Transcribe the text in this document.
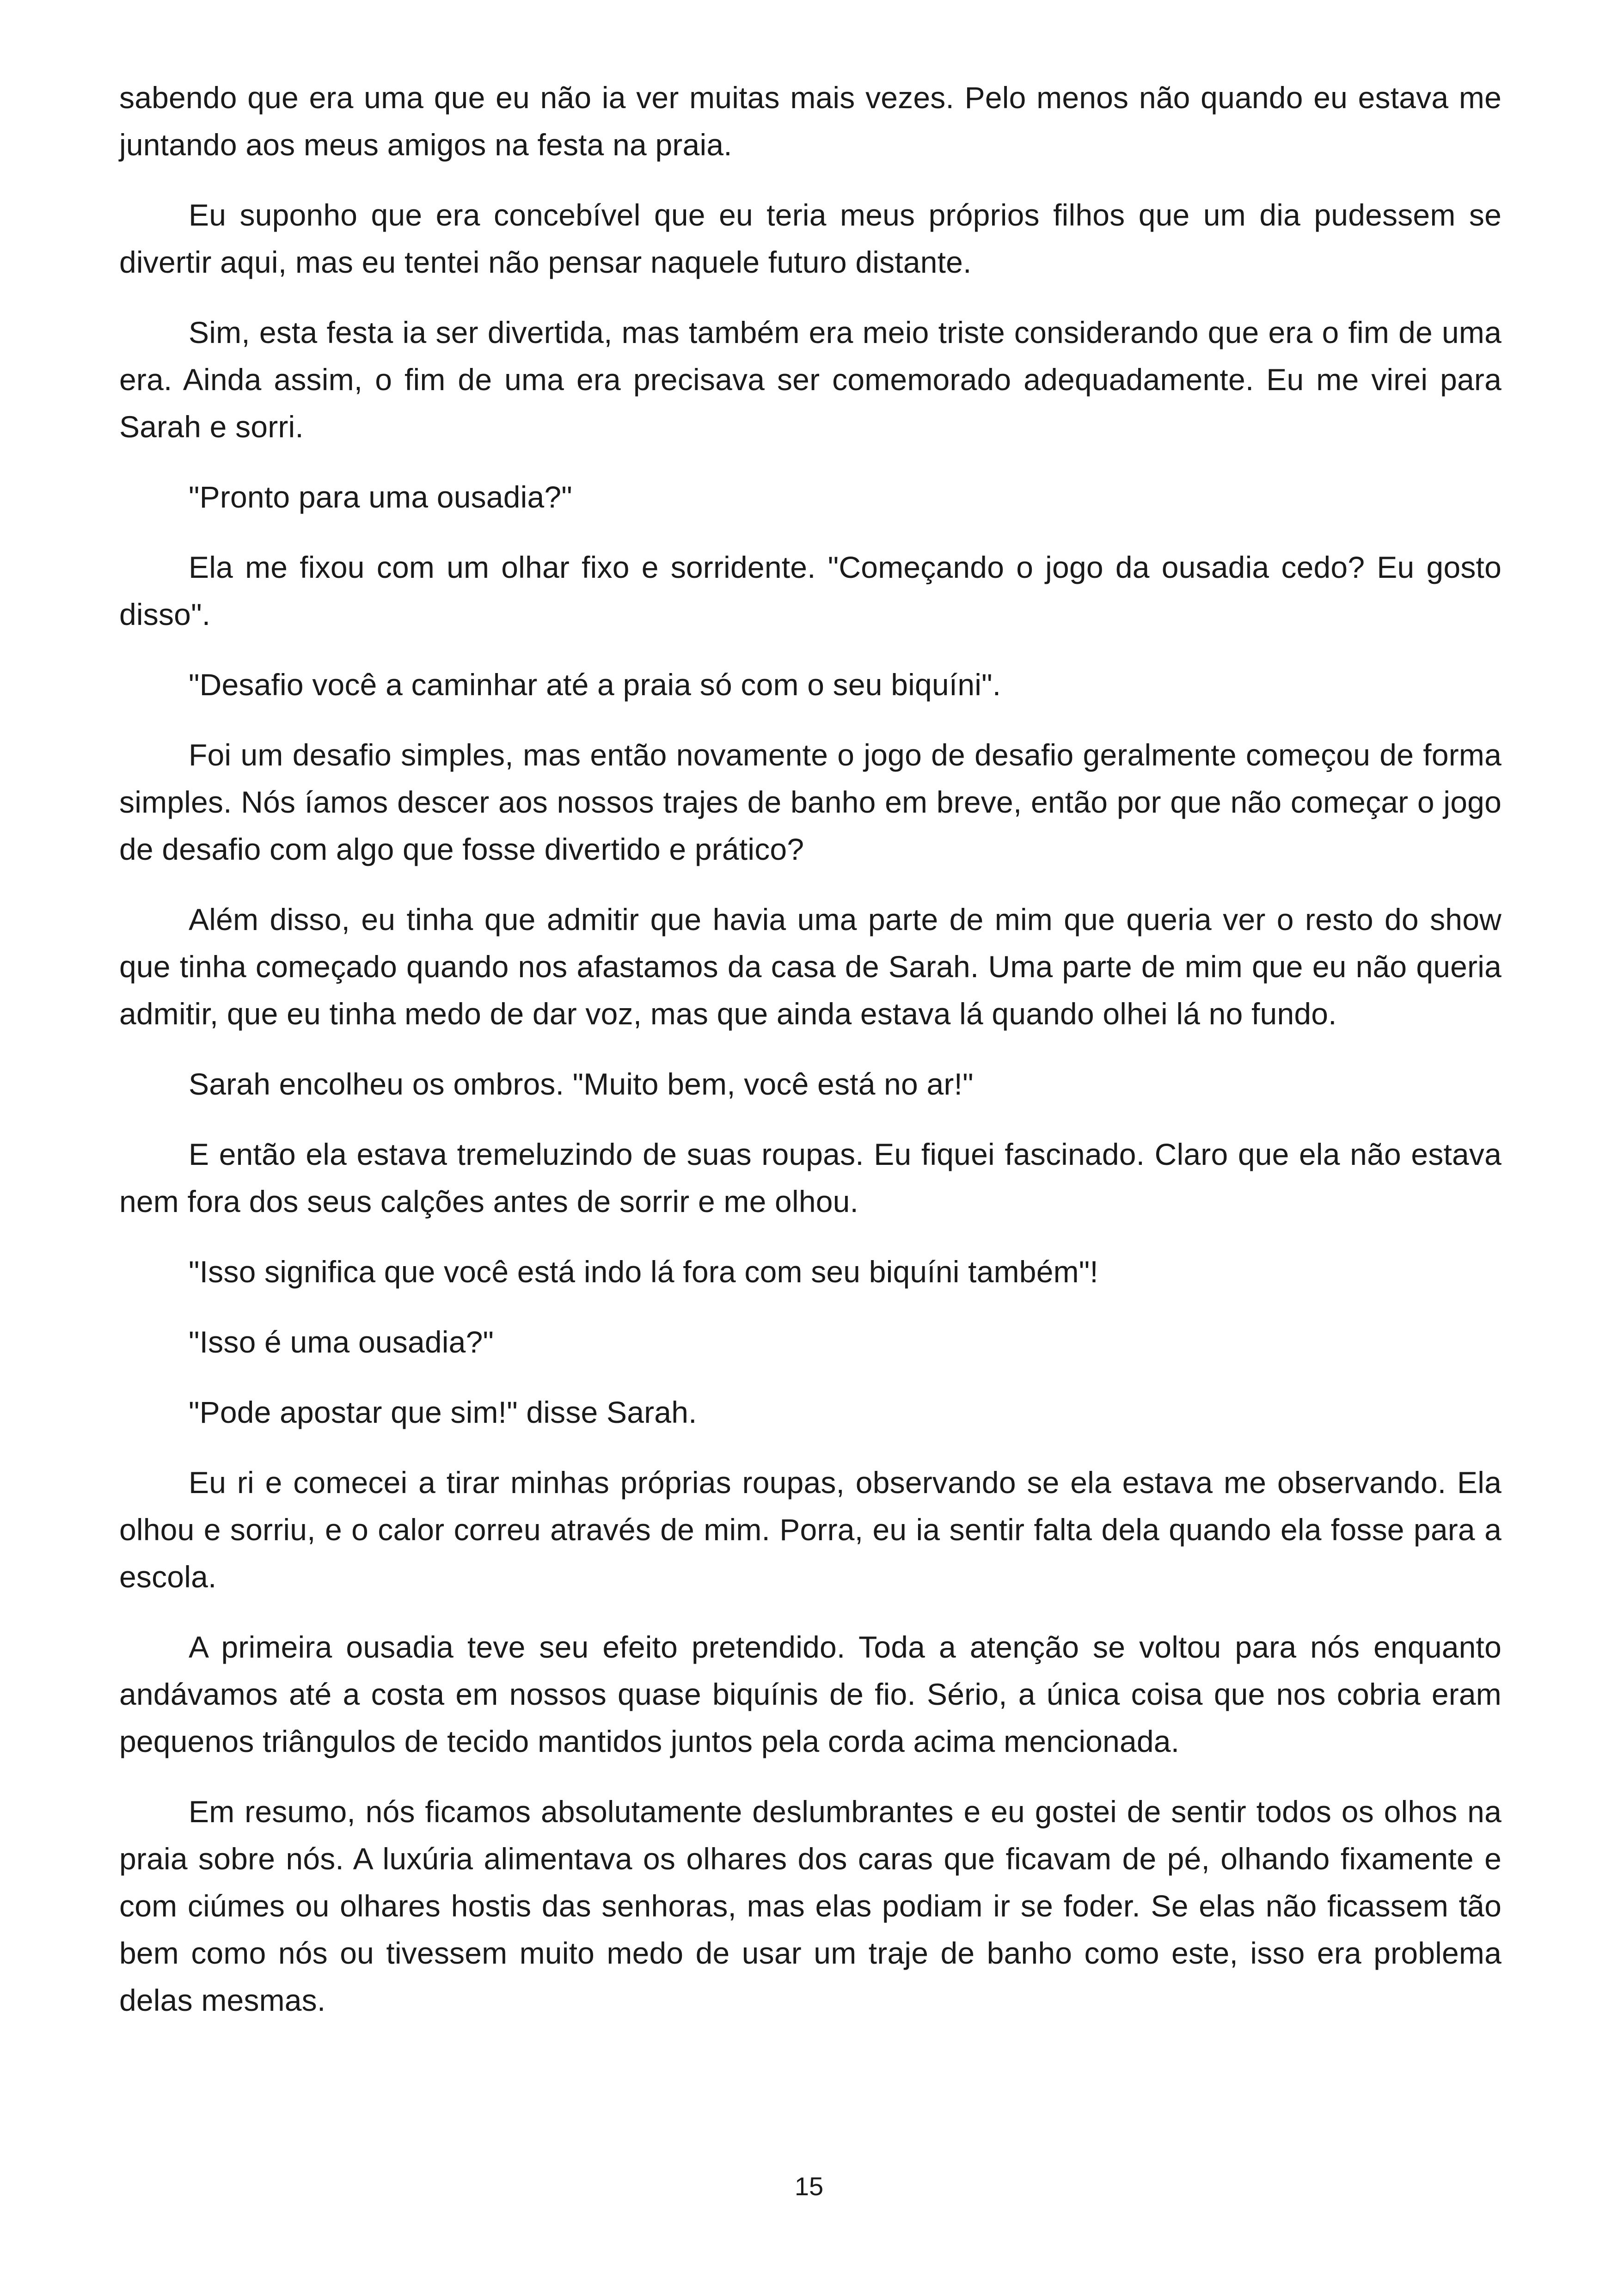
sabendo que era uma que eu não ia ver muitas mais vezes. Pelo menos não quando eu estava me juntando aos meus amigos na festa na praia.

Eu suponho que era concebível que eu teria meus próprios filhos que um dia pudessem se divertir aqui, mas eu tentei não pensar naquele futuro distante.

Sim, esta festa ia ser divertida, mas também era meio triste considerando que era o fim de uma era. Ainda assim, o fim de uma era precisava ser comemorado adequadamente. Eu me virei para Sarah e sorri.

"Pronto para uma ousadia?"

Ela me fixou com um olhar fixo e sorridente. "Começando o jogo da ousadia cedo? Eu gosto disso".

"Desafio você a caminhar até a praia só com o seu biquíni".

Foi um desafio simples, mas então novamente o jogo de desafio geralmente começou de forma simples. Nós íamos descer aos nossos trajes de banho em breve, então por que não começar o jogo de desafio com algo que fosse divertido e prático?

Além disso, eu tinha que admitir que havia uma parte de mim que queria ver o resto do show que tinha começado quando nos afastamos da casa de Sarah. Uma parte de mim que eu não queria admitir, que eu tinha medo de dar voz, mas que ainda estava lá quando olhei lá no fundo.

Sarah encolheu os ombros. "Muito bem, você está no ar!"

E então ela estava tremeluzindo de suas roupas. Eu fiquei fascinado. Claro que ela não estava nem fora dos seus calções antes de sorrir e me olhou.

"Isso significa que você está indo lá fora com seu biquíni também"!

"Isso é uma ousadia?"

"Pode apostar que sim!" disse Sarah.

Eu ri e comecei a tirar minhas próprias roupas, observando se ela estava me observando. Ela olhou e sorriu, e o calor correu através de mim. Porra, eu ia sentir falta dela quando ela fosse para a escola.

A primeira ousadia teve seu efeito pretendido. Toda a atenção se voltou para nós enquanto andávamos até a costa em nossos quase biquínis de fio. Sério, a única coisa que nos cobria eram pequenos triângulos de tecido mantidos juntos pela corda acima mencionada.

Em resumo, nós ficamos absolutamente deslumbrantes e eu gostei de sentir todos os olhos na praia sobre nós. A luxúria alimentava os olhares dos caras que ficavam de pé, olhando fixamente e com ciúmes ou olhares hostis das senhoras, mas elas podiam ir se foder. Se elas não ficassem tão bem como nós ou tivessem muito medo de usar um traje de banho como este, isso era problema delas mesmas.

15
